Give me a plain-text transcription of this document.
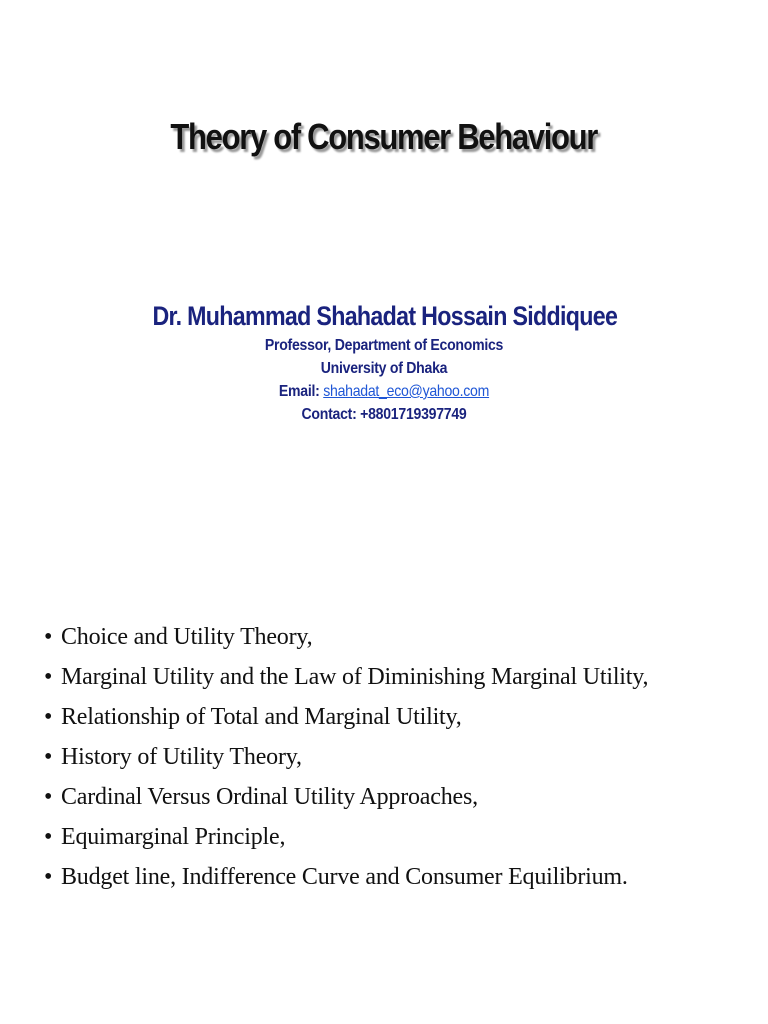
Theory of Consumer Behaviour
Dr. Muhammad Shahadat Hossain Siddiquee
Professor, Department of Economics
University of Dhaka
Email: shahadat_eco@yahoo.com
Contact: +8801719397749
• Choice and Utility Theory,
• Marginal Utility and the Law of Diminishing Marginal Utility,
• Relationship of Total and Marginal Utility,
• History of Utility Theory,
• Cardinal Versus Ordinal Utility Approaches,
• Equimarginal Principle,
• Budget line, Indifference Curve and Consumer Equilibrium.
